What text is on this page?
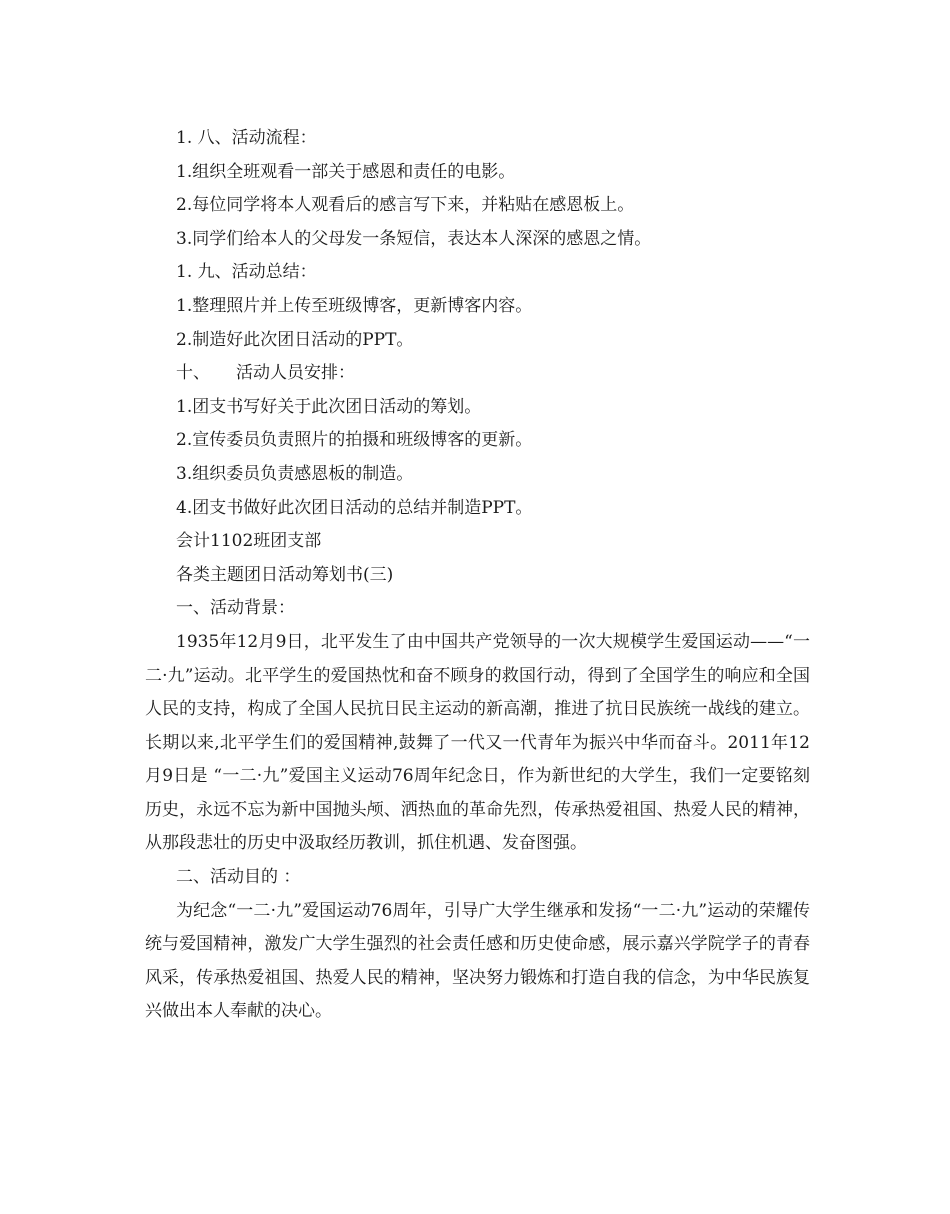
1. 八、活动流程：
1.组织全班观看一部关于感恩和责任的电影。
2.每位同学将本人观看后的感言写下来，并粘贴在感恩板上。
3.同学们给本人的父母发一条短信，表达本人深深的感恩之情。
1. 九、活动总结：
1.整理照片并上传至班级博客，更新博客内容。
2.制造好此次团日活动的PPT。
十、 活动人员安排：
1.团支书写好关于此次团日活动的筹划。
2.宣传委员负责照片的拍摄和班级博客的更新。
3.组织委员负责感恩板的制造。
4.团支书做好此次团日活动的总结并制造PPT。
会计1102班团支部
各类主题团日活动筹划书(三)
一、活动背景：
1935年12月9日，北平发生了由中国共产党领导的一次大规模学生爱国运动——“一二·九”运动。北平学生的爱国热忱和奋不顾身的救国行动，得到了全国学生的响应和全国人民的支持，构成了全国人民抗日民主运动的新高潮，推进了抗日民族统一战线的建立。长期以来,北平学生们的爱国精神,鼓舞了一代又一代青年为振兴中华而奋斗。2011年12月9日是 “一二·九”爱国主义运动76周年纪念日，作为新世纪的大学生，我们一定要铭刻历史，永远不忘为新中国抛头颅、洒热血的革命先烈，传承热爱祖国、热爱人民的精神，从那段悲壮的历史中汲取经历教训，抓住机遇、发奋图强。
二、活动目的 ：
为纪念“一二·九”爱国运动76周年，引导广大学生继承和发扬“一二·九”运动的荣耀传统与爱国精神，激发广大学生强烈的社会责任感和历史使命感，展示嘉兴学院学子的青春风采，传承热爱祖国、热爱人民的精神，坚决努力锻炼和打造自我的信念，为中华民族复兴做出本人奉献的决心。
